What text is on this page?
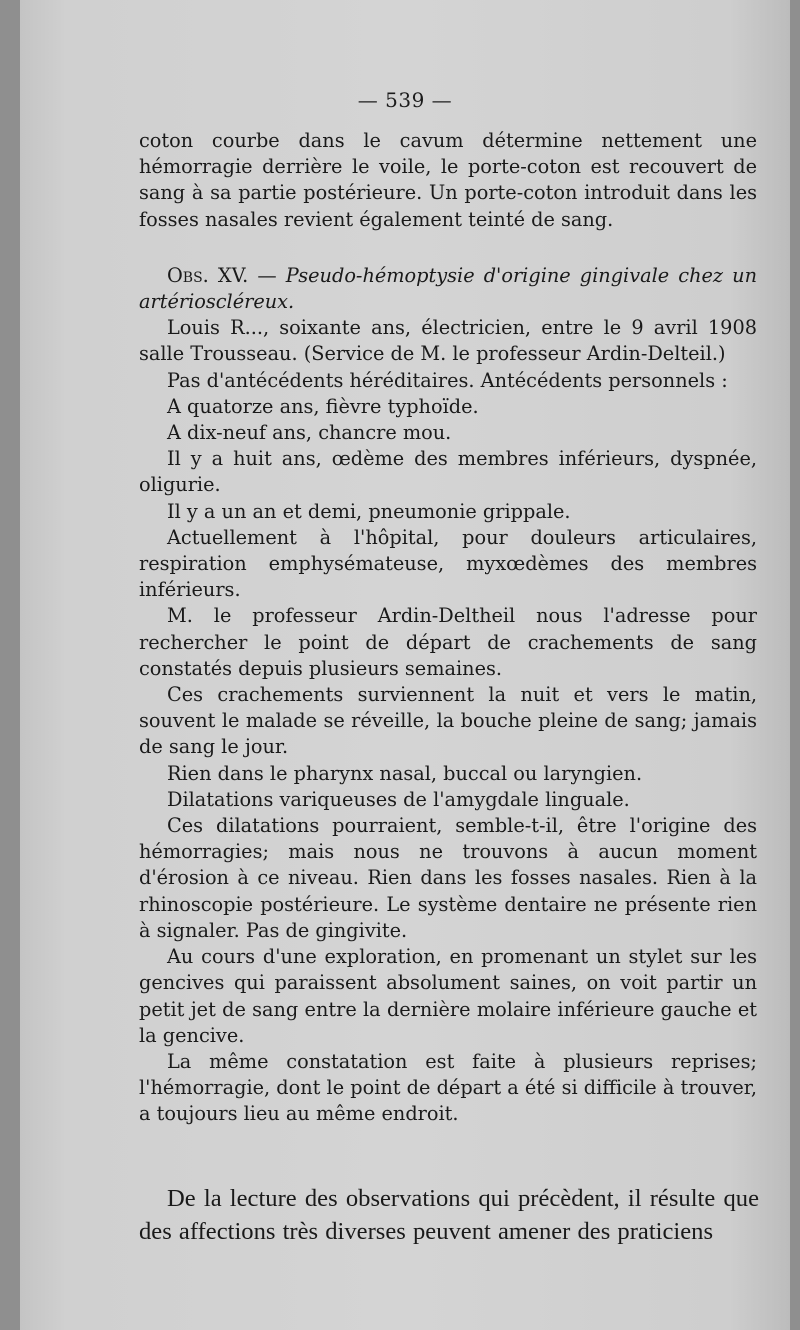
— 539 —

coton courbe dans le cavum détermine nettement une hémorragie derrière le voile, le porte-coton est recouvert de sang à sa partie postérieure. Un porte-coton introduit dans les fosses nasales revient également teinté de sang.

Obs. XV. — Pseudo-hémoptysie d'origine gingivale chez un artérioscléreux.

Louis R..., soixante ans, électricien, entre le 9 avril 1908 salle Trousseau. (Service de M. le professeur Ardin-Delteil.)

Pas d'antécédents héréditaires. Antécédents personnels :

A quatorze ans, fièvre typhoïde.

A dix-neuf ans, chancre mou.

Il y a huit ans, œdème des membres inférieurs, dyspnée, oligurie.

Il y a un an et demi, pneumonie grippale.

Actuellement à l'hôpital, pour douleurs articulaires, respiration emphysémateuse, myxœdèmes des membres inférieurs.

M. le professeur Ardin-Deltheil nous l'adresse pour rechercher le point de départ de crachements de sang constatés depuis plusieurs semaines.

Ces crachements surviennent la nuit et vers le matin, souvent le malade se réveille, la bouche pleine de sang; jamais de sang le jour.

Rien dans le pharynx nasal, buccal ou laryngien.

Dilatations variqueuses de l'amygdale linguale.

Ces dilatations pourraient, semble-t-il, être l'origine des hémorragies; mais nous ne trouvons à aucun moment d'érosion à ce niveau. Rien dans les fosses nasales. Rien à la rhinoscopie postérieure. Le système dentaire ne présente rien à signaler. Pas de gingivite.

Au cours d'une exploration, en promenant un stylet sur les gencives qui paraissent absolument saines, on voit partir un petit jet de sang entre la dernière molaire inférieure gauche et la gencive.

La même constatation est faite à plusieurs reprises; l'hémorragie, dont le point de départ a été si difficile à trouver, a toujours lieu au même endroit.

De la lecture des observations qui précèdent, il résulte que des affections très diverses peuvent amener des praticiens
